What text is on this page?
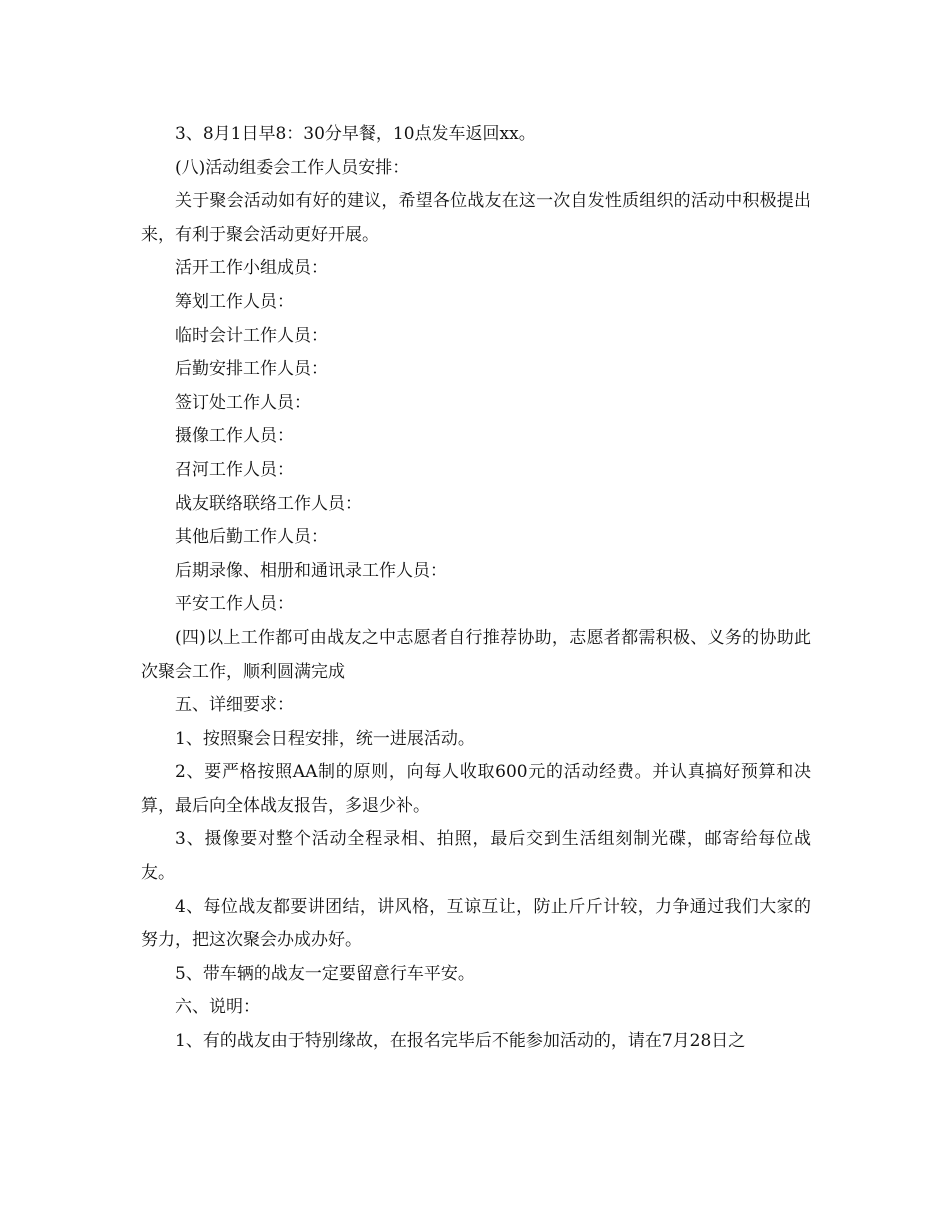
3、8月1日早8：30分早餐，10点发车返回xx。

(八)活动组委会工作人员安排：

关于聚会活动如有好的建议，希望各位战友在这一次自发性质组织的活动中积极提出来，有利于聚会活动更好开展。

活开工作小组成员：

筹划工作人员：

临时会计工作人员：

后勤安排工作人员：

签订处工作人员：

摄像工作人员：

召河工作人员：

战友联络联络工作人员：

其他后勤工作人员：

后期录像、相册和通讯录工作人员：

平安工作人员：

(四)以上工作都可由战友之中志愿者自行推荐协助，志愿者都需积极、义务的协助此次聚会工作，顺利圆满完成

五、详细要求：

1、按照聚会日程安排，统一进展活动。

2、要严格按照AA制的原则，向每人收取600元的活动经费。并认真搞好预算和决算，最后向全体战友报告，多退少补。

3、摄像要对整个活动全程录相、拍照，最后交到生活组刻制光碟，邮寄给每位战友。

4、每位战友都要讲团结，讲风格，互谅互让，防止斤斤计较，力争通过我们大家的努力，把这次聚会办成办好。

5、带车辆的战友一定要留意行车平安。

六、说明：

1、有的战友由于特别缘故，在报名完毕后不能参加活动的，请在7月28日之
